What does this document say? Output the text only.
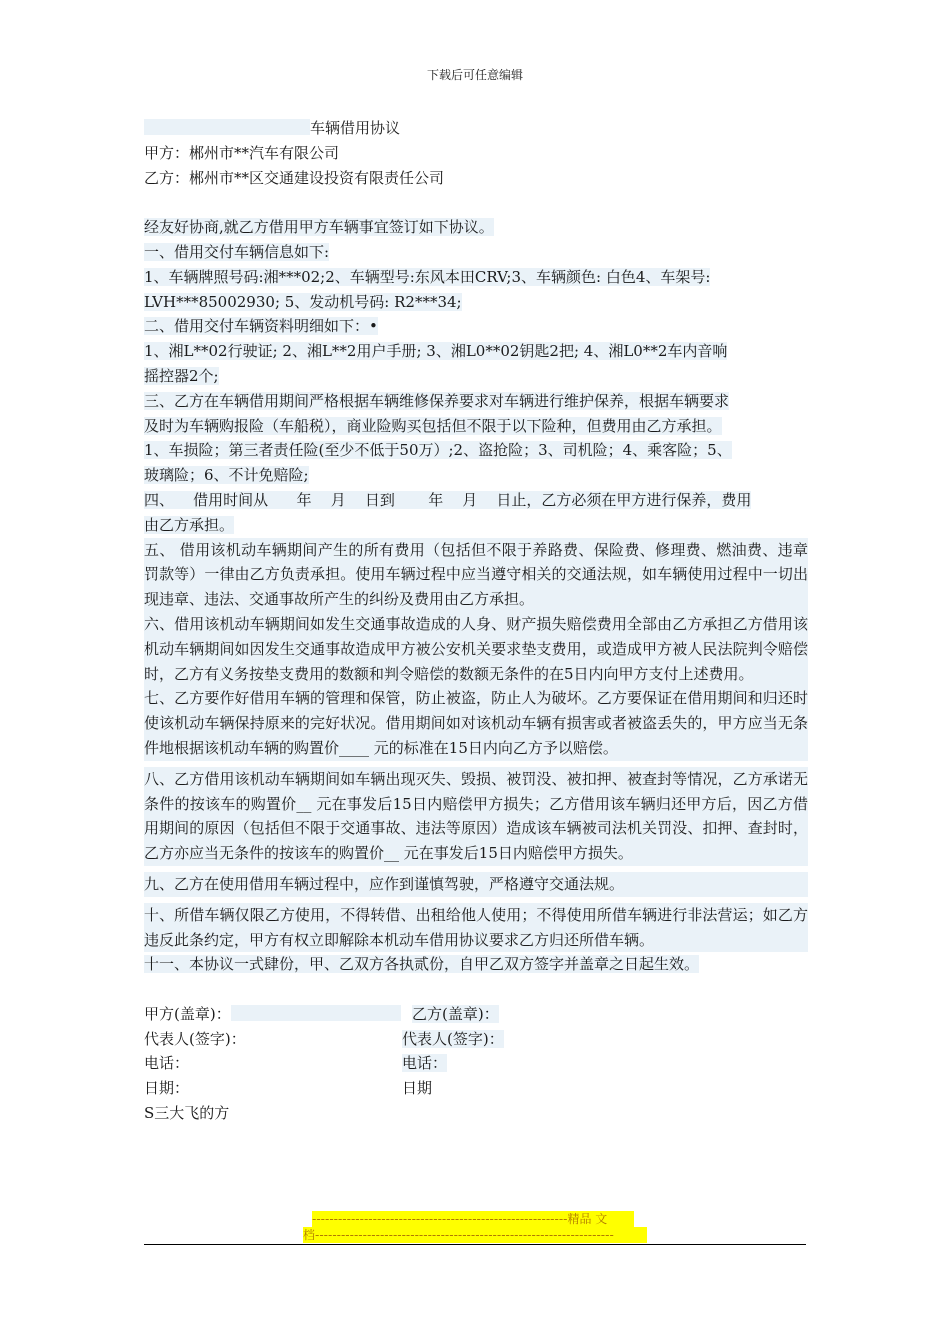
下载后可任意编辑
车辆借用协议
甲方：郴州市**汽车有限公司
乙方：郴州市**区交通建设投资有限责任公司
经友好协商,就乙方借用甲方车辆事宜签订如下协议。
一、借用交付车辆信息如下:
1、车辆牌照号码:湘***02;2、车辆型号:东风本田CRV;3、车辆颜色: 白色4、车架号:
LVH***85002930; 5、发动机号码: R2***34;
二、借用交付车辆资料明细如下：•
1、湘L**02行驶证; 2、湘L**2用户手册; 3、湘L0**02钥匙2把; 4、湘L0**2车内音响
摇控器2个;
三、乙方在车辆借用期间严格根据车辆维修保养要求对车辆进行维护保养，根据车辆要求
及时为车辆购报险（车船税），商业险购买包括但不限于以下险种，但费用由乙方承担。
1、车损险；第三者责任险(至少不低于50万）;2、盗抢险；3、司机险；4、乘客险；5、
玻璃险；6、不计免赔险;
四、    借用时间从      年    月    日到       年    月    日止，乙方必须在甲方进行保养，费用
由乙方承担。
五、 借用该机动车辆期间产生的所有费用（包括但不限于养路费、保险费、修理费、燃油费、违章罚款等）一律由乙方负责承担。使用车辆过程中应当遵守相关的交通法规，如车辆使用过程中一切出现违章、违法、交通事故所产生的纠纷及费用由乙方承担。
六、借用该机动车辆期间如发生交通事故造成的人身、财产损失赔偿费用全部由乙方承担乙方借用该机动车辆期间如因发生交通事故造成甲方被公安机关要求垫支费用，或造成甲方被人民法院判令赔偿时，乙方有义务按垫支费用的数额和判令赔偿的数额无条件的在5日内向甲方支付上述费用。
七、乙方要作好借用车辆的管理和保管，防止被盗，防止人为破坏。乙方要保证在借用期间和归还时使该机动车辆保持原来的完好状况。借用期间如对该机动车辆有损害或者被盗丢失的，甲方应当无条件地根据该机动车辆的购置价____ 元的标准在15日内向乙方予以赔偿。
八、乙方借用该机动车辆期间如车辆出现灭失、毁损、被罚没、被扣押、被查封等情况，乙方承诺无条件的按该车的购置价__ 元在事发后15日内赔偿甲方损失；乙方借用该车辆归还甲方后，因乙方借用期间的原因（包括但不限于交通事故、违法等原因）造成该车辆被司法机关罚没、扣押、查封时，乙方亦应当无条件的按该车的购置价__ 元在事发后15日内赔偿甲方损失。
九、乙方在使用借用车辆过程中，应作到谨慎驾驶，严格遵守交通法规。
十、所借车辆仅限乙方使用，不得转借、出租给他人使用；不得使用所借车辆进行非法营运；如乙方违反此条约定，甲方有权立即解除本机动车借用协议要求乙方归还所借车辆。
十一、本协议一式肆份，甲、乙双方各执贰份，自甲乙双方签字并盖章之日起生效。
甲方(盖章)：	乙方(盖章)：
代表人(签字)：	代表人(签字)：
电话：	电话：
日期：	日期
S三大飞的方
-----------------------------------------------------------精品 文
档---------------------------------------------------------------------
